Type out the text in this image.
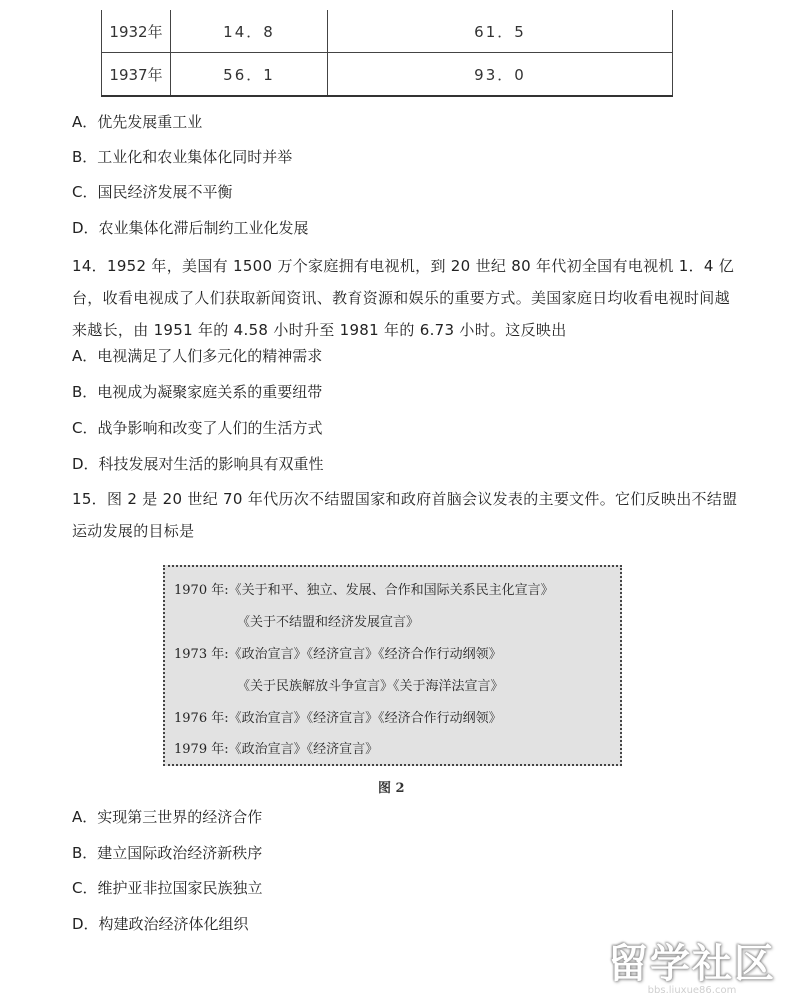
1932年	14．8	61．5
1937年	56．1	93．0
A．优先发展重工业
B．工业化和农业集体化同时并举
C．国民经济发展不平衡
D．农业集体化滞后制约工业化发展
14．1952 年，美国有 1500 万个家庭拥有电视机，到 20 世纪 80 年代初全国有电视机 1．4 亿台，收看电视成了人们获取新闻资讯、教育资源和娱乐的重要方式。美国家庭日均收看电视时间越来越长，由 1951 年的 4.58 小时升至 1981 年的 6.73 小时。这反映出
A．电视满足了人们多元化的精神需求
B．电视成为凝聚家庭关系的重要纽带
C．战争影响和改变了人们的生活方式
D．科技发展对生活的影响具有双重性
15．图 2 是 20 世纪 70 年代历次不结盟国家和政府首脑会议发表的主要文件。它们反映出不结盟运动发展的目标是
1970 年:《关于和平、独立、发展、合作和国际关系民主化宣言》
《关于不结盟和经济发展宣言》
1973 年:《政治宣言》《经济宣言》《经济合作行动纲领》
《关于民族解放斗争宣言》《关于海洋法宣言》
1976 年:《政治宣言》《经济宣言》《经济合作行动纲领》
1979 年:《政治宣言》《经济宣言》
图 2
A．实现第三世界的经济合作
B．建立国际政治经济新秩序
C．维护亚非拉国家民族独立
D．构建政治经济体化组织
留学社区
bbs.liuxue86.com
